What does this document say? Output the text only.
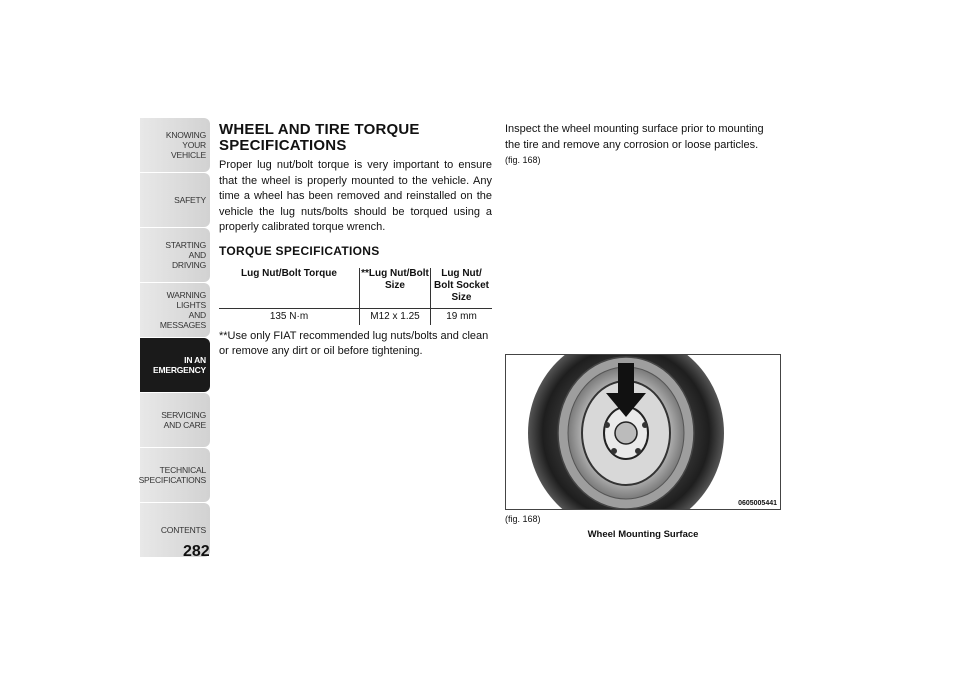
KNOWING
YOUR
VEHICLE
SAFETY
STARTING
AND
DRIVING
WARNING
LIGHTS
AND
MESSAGES
IN AN
EMERGENCY
SERVICING
AND CARE
TECHNICAL
SPECIFICATIONS
CONTENTS
282
WHEEL AND TIRE TORQUE SPECIFICATIONS

Proper lug nut/bolt torque is very important to ensure that the wheel is properly mounted to the vehicle. Any time a wheel has been removed and reinstalled on the vehicle the lug nuts/bolts should be torqued using a properly calibrated torque wrench.

TORQUE SPECIFICATIONS
Lug Nut/Bolt Torque	**Lug Nut/Bolt Size	Lug Nut/ Bolt Socket Size
135 N·m	M12 x 1.25	19 mm

**Use only FIAT recommended lug nuts/bolts and clean or remove any dirt or oil before tightening.

Inspect the wheel mounting surface prior to mounting the tire and remove any corrosion or loose particles.

(fig. 168)
0605005441
(fig. 168)
Wheel Mounting Surface
